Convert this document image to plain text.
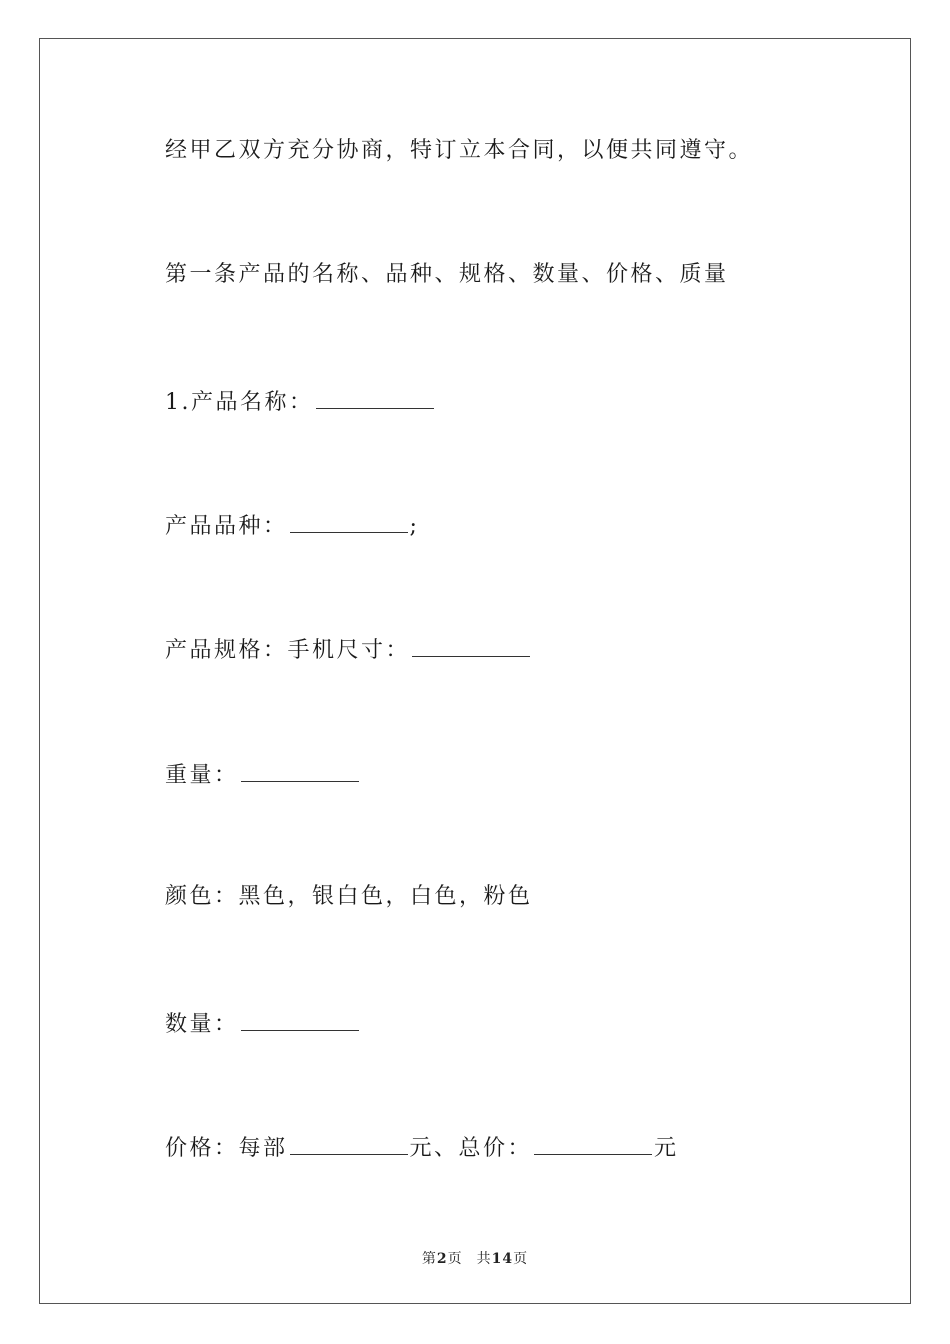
经甲乙双方充分协商，特订立本合同，以便共同遵守。
第一条产品的名称、品种、规格、数量、价格、质量
1.产品名称：
产品品种：	;
产品规格：手机尺寸：
重量：
颜色：黑色，银白色，白色，粉色
数量：
价格：每部	元、总价：	元
第2页 共14页
